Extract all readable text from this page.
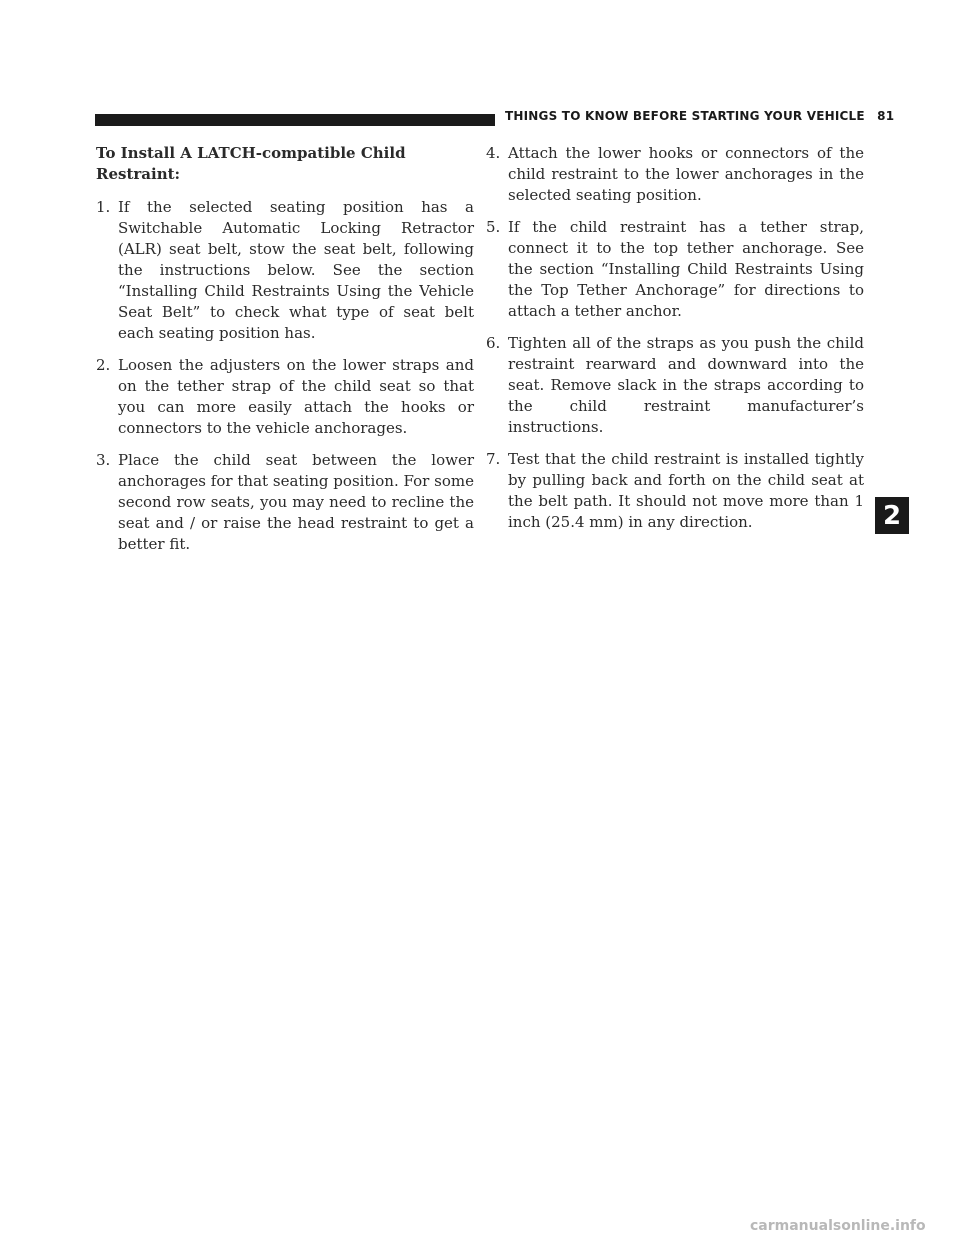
THINGS TO KNOW BEFORE STARTING YOUR VEHICLE 81
2
To Install A LATCH-compatible Child Restraint:
1. If the selected seating position has a Switchable Automatic Locking Retractor (ALR) seat belt, stow the seat belt, following the instructions below. See the section “Installing Child Restraints Using the Vehicle Seat Belt” to check what type of seat belt each seating position has.
2. Loosen the adjusters on the lower straps and on the tether strap of the child seat so that you can more easily attach the hooks or connectors to the vehicle anchorages.
3. Place the child seat between the lower anchorages for that seating position. For some second row seats, you may need to recline the seat and / or raise the head restraint to get a better fit.
4. Attach the lower hooks or connectors of the child restraint to the lower anchorages in the selected seating position.
5. If the child restraint has a tether strap, connect it to the top tether anchorage. See the section “Installing Child Restraints Using the Top Tether Anchorage” for directions to attach a tether anchor.
6. Tighten all of the straps as you push the child restraint rearward and downward into the seat. Remove slack in the straps according to the child restraint manufacturer’s instructions.
7. Test that the child restraint is installed tightly by pulling back and forth on the child seat at the belt path. It should not move more than 1 inch (25.4 mm) in any direction.
carmanualsonline.info
